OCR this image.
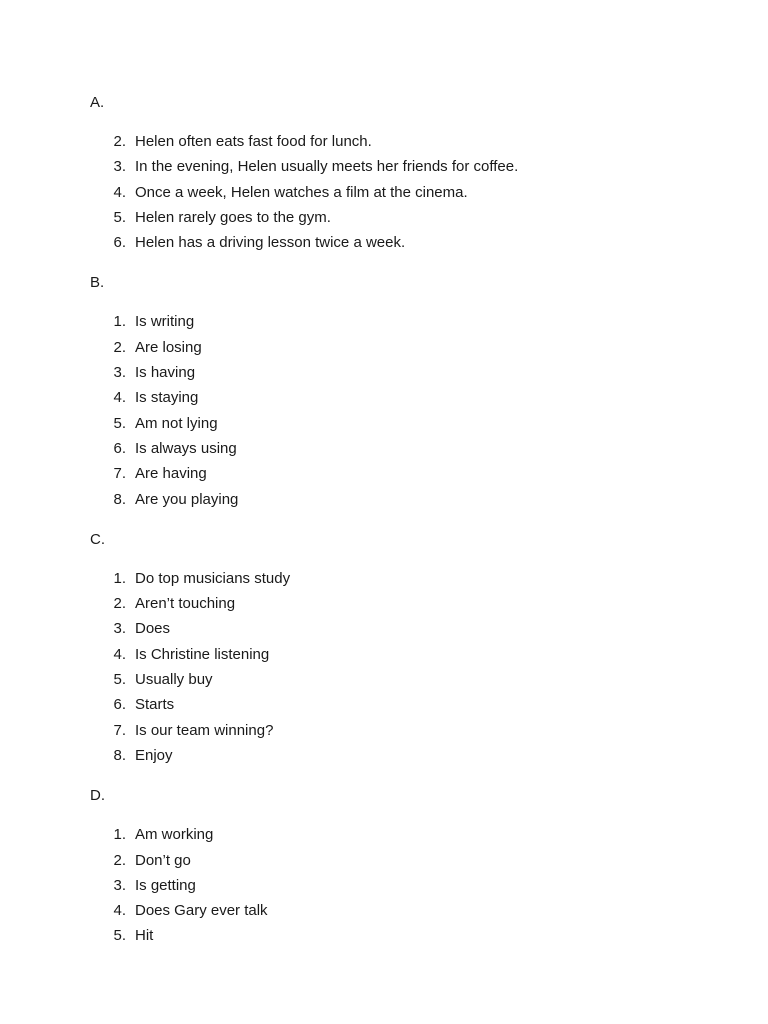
A.
2. Helen often eats fast food for lunch.
3. In the evening, Helen usually meets her friends for coffee.
4. Once a week, Helen watches a film at the cinema.
5. Helen rarely goes to the gym.
6. Helen has a driving lesson twice a week.
B.
1. Is writing
2. Are losing
3. Is having
4. Is staying
5. Am not lying
6. Is always using
7. Are having
8. Are you playing
C.
1. Do top musicians study
2. Aren’t touching
3. Does
4. Is Christine listening
5. Usually buy
6. Starts
7. Is our team winning?
8. Enjoy
D.
1. Am working
2. Don’t go
3. Is getting
4. Does Gary ever talk
5. Hit
